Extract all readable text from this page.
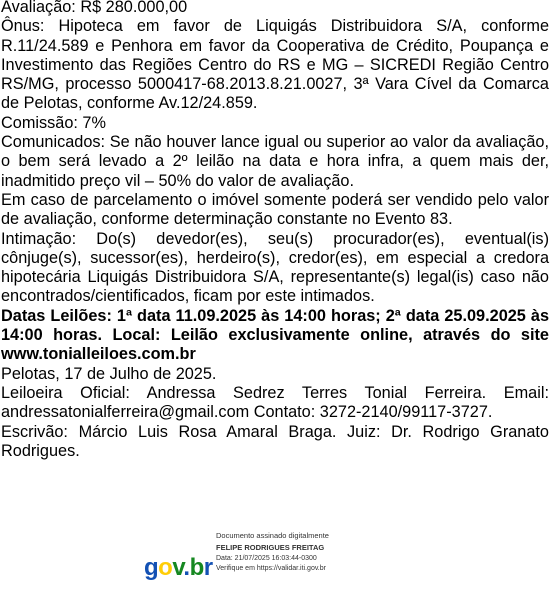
Avaliação: R$ 280.000,00

Ônus: Hipoteca em favor de Liquigás Distribuidora S/A, conforme R.11/24.589 e Penhora em favor da Cooperativa de Crédito, Poupança e Investimento das Regiões Centro do RS e MG – SICREDI Região Centro RS/MG, processo 5000417-68.2013.8.21.0027, 3ª Vara Cível da Comarca de Pelotas, conforme Av.12/24.859.

Comissão: 7%

Comunicados: Se não houver lance igual ou superior ao valor da avaliação, o bem será levado a 2º leilão na data e hora infra, a quem mais der, inadmitido preço vil – 50% do valor de avaliação.

Em caso de parcelamento o imóvel somente poderá ser vendido pelo valor de avaliação, conforme determinação constante no Evento 83.

Intimação: Do(s) devedor(es), seu(s) procurador(es), eventual(is) cônjuge(s), sucessor(es), herdeiro(s), credor(es), em especial a credora hipotecária Liquigás Distribuidora S/A, representante(s) legal(is) caso não encontrados/cientificados, ficam por este intimados.

Datas Leilões: 1ª data 11.09.2025 às 14:00 horas; 2ª data 25.09.2025 às 14:00 horas. Local: Leilão exclusivamente online, através do site www.tonialleiloes.com.br

Pelotas, 17 de Julho de 2025.

Leiloeira Oficial: Andressa Sedrez Terres Tonial Ferreira. Email: andressatonialferreira@gmail.com Contato: 3272-2140/99117-3727.

Escrivão: Márcio Luis Rosa Amaral Braga. Juiz: Dr. Rodrigo Granato Rodrigues.

gov.br
Documento assinado digitalmente
FELIPE RODRIGUES FREITAG
Data: 21/07/2025 16:03:44-0300
Verifique em https://validar.iti.gov.br
